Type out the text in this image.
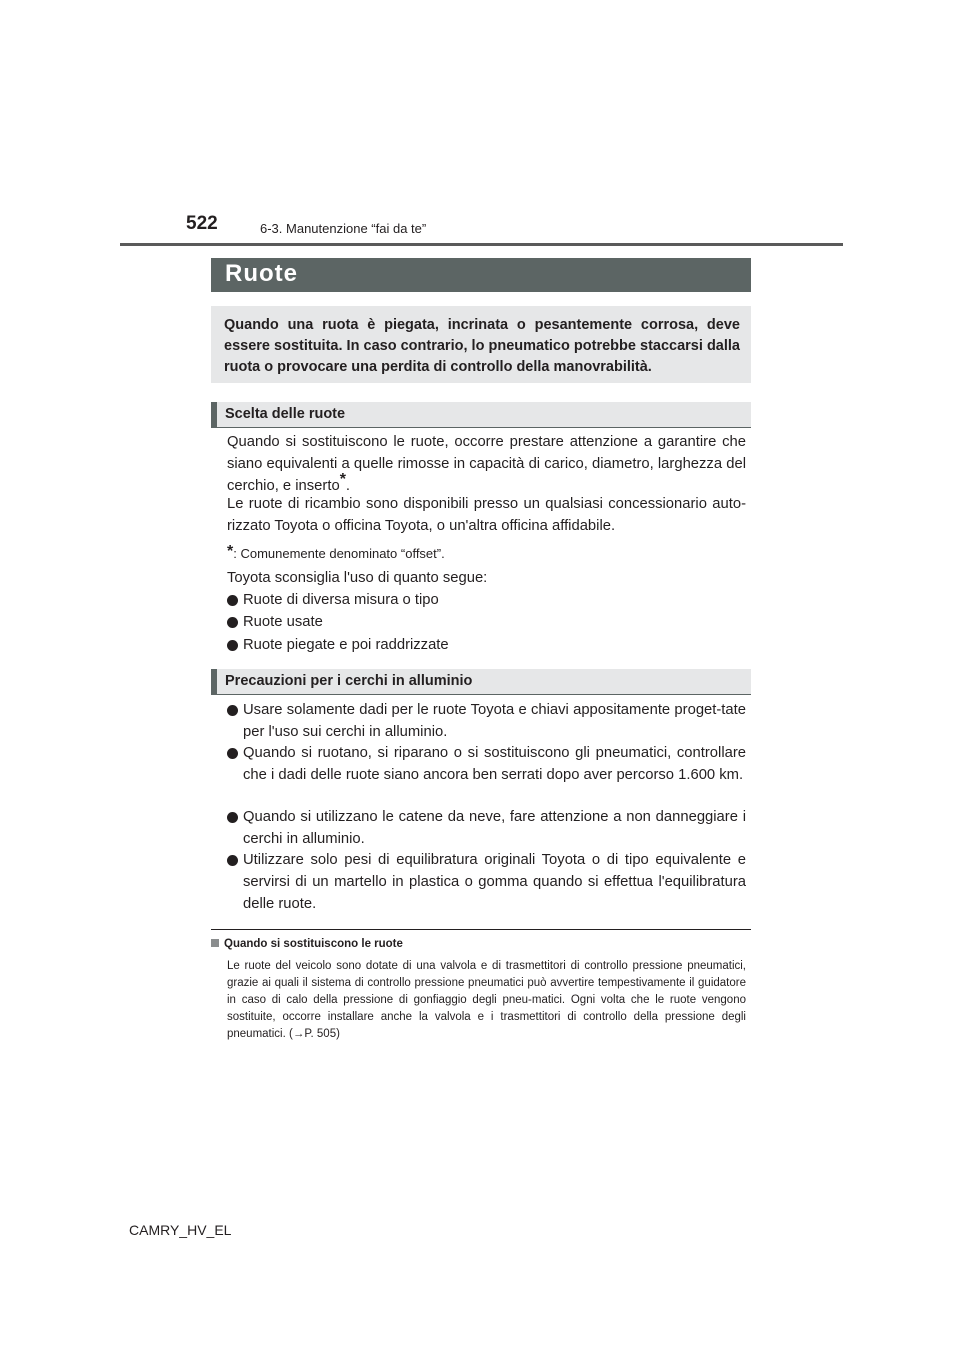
522	6-3. Manutenzione “fai da te”
Ruote
Quando una ruota è piegata, incrinata o pesantemente corrosa, deve essere sostituita. In caso contrario, lo pneumatico potrebbe staccarsi dalla ruota o provocare una perdita di controllo della manovrabilità.
Scelta delle ruote
Quando si sostituiscono le ruote, occorre prestare attenzione a garantire che siano equivalenti a quelle rimosse in capacità di carico, diametro, larghezza del cerchio, e inserto*.
Le ruote di ricambio sono disponibili presso un qualsiasi concessionario auto-rizzato Toyota o officina Toyota, o un'altra officina affidabile.
*: Comunemente denominato “offset”.
Toyota sconsiglia l'uso di quanto segue:
Ruote di diversa misura o tipo
Ruote usate
Ruote piegate e poi raddrizzate
Precauzioni per i cerchi in alluminio
Usare solamente dadi per le ruote Toyota e chiavi appositamente proget-tate per l'uso sui cerchi in alluminio.
Quando si ruotano, si riparano o si sostituiscono gli pneumatici, controllare che i dadi delle ruote siano ancora ben serrati dopo aver percorso 1.600 km.
Quando si utilizzano le catene da neve, fare attenzione a non danneggiare i cerchi in alluminio.
Utilizzare solo pesi di equilibratura originali Toyota o di tipo equivalente e servirsi di un martello in plastica o gomma quando si effettua l'equilibratura delle ruote.
Quando si sostituiscono le ruote
Le ruote del veicolo sono dotate di una valvola e di trasmettitori di controllo pressione pneumatici, grazie ai quali il sistema di controllo pressione pneumatici può avvertire tempestivamente il guidatore in caso di calo della pressione di gonfiaggio degli pneu-matici. Ogni volta che le ruote vengono sostituite, occorre installare anche la valvola e i trasmettitori di controllo della pressione degli pneumatici. (→P. 505)
CAMRY_HV_EL
